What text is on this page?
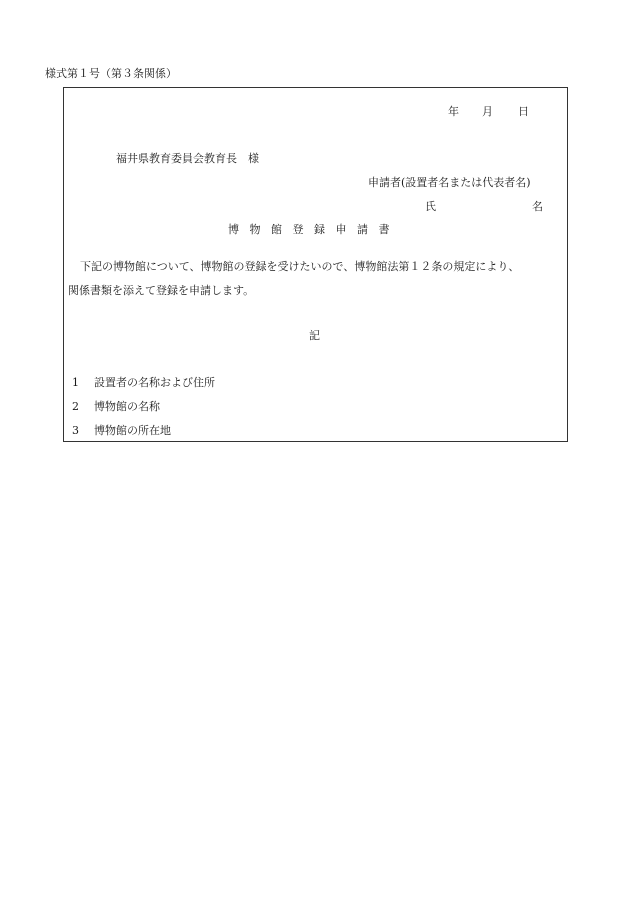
様式第１号（第３条関係）
年 月 日
福井県教育委員会教育長　様
申請者(設置者名または代表者名)
氏	名
博物館登録申請書
下記の博物館について、博物館の登録を受けたいので、博物館法第１２条の規定により、
関係書類を添えて登録を申請します。
記
1 設置者の名称および住所
2 博物館の名称
3 博物館の所在地
